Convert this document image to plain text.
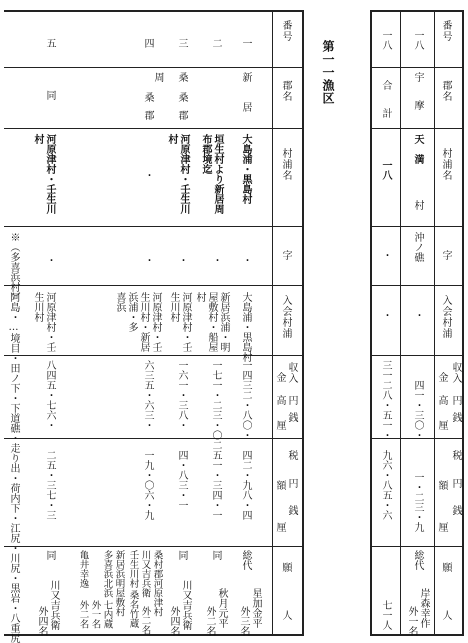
番号
郡名
村浦名
字
入会村浦
収入
金
円
高
銭
厘
税
円
額
銭
厘
願
人
一
新　　居
大島浦・黒島村
・
大島浦・黒島村
一四三二・八〇・
四二・九八・四
総代
星加金平
外三名
二
垣生村より新居周
布郡境迄
・
新居浜浦・明
屋敷村・船屋
村
一七一・二三・〇二
五一・三四・一
同
秋月元平
外二名
三
桑
桑
郡
河原津村・壬生川
村
・
河原津村・壬
生川村
一六一・三八・
四・八三・一
同
川又吉兵衛
外四名
四
周
桑
郡
・
・
河原津村・壬
生川村・新居
浜浦・多
喜浜
六三五・六三・
一九・〇六・九
桑村郡河原津村
川又吉兵衛
外二名
壬生川村
桑名竹蔵
新居浜明屋敷村
多喜浜北浜
七内蔵
外一名
五
同
河原津村・壬生川
村
※（多喜浜村）	・
河原津村・壬
生川村
八四五・七六・
二五・三七・三
同
川又吉兵衛
外四名
亀井幸逸
外二名
阿島・…境目・田ノ下・下道礁・走り出・荷内下・江尻・川尻・黒岩・八重尻
第一一漁区
番号
郡名
村浦名
字
入会村浦
収入
金
円
高
銭
厘
税
円
額
銭
厘
願
人
一八
宇
摩
天　満
村
沖ノ礁
・
四一・三〇・
一・二三・九
総代
岸森幸作
外一名
一八
合
計
一八
・
・
三一二八・五一・
九六・八五・六
七一人
